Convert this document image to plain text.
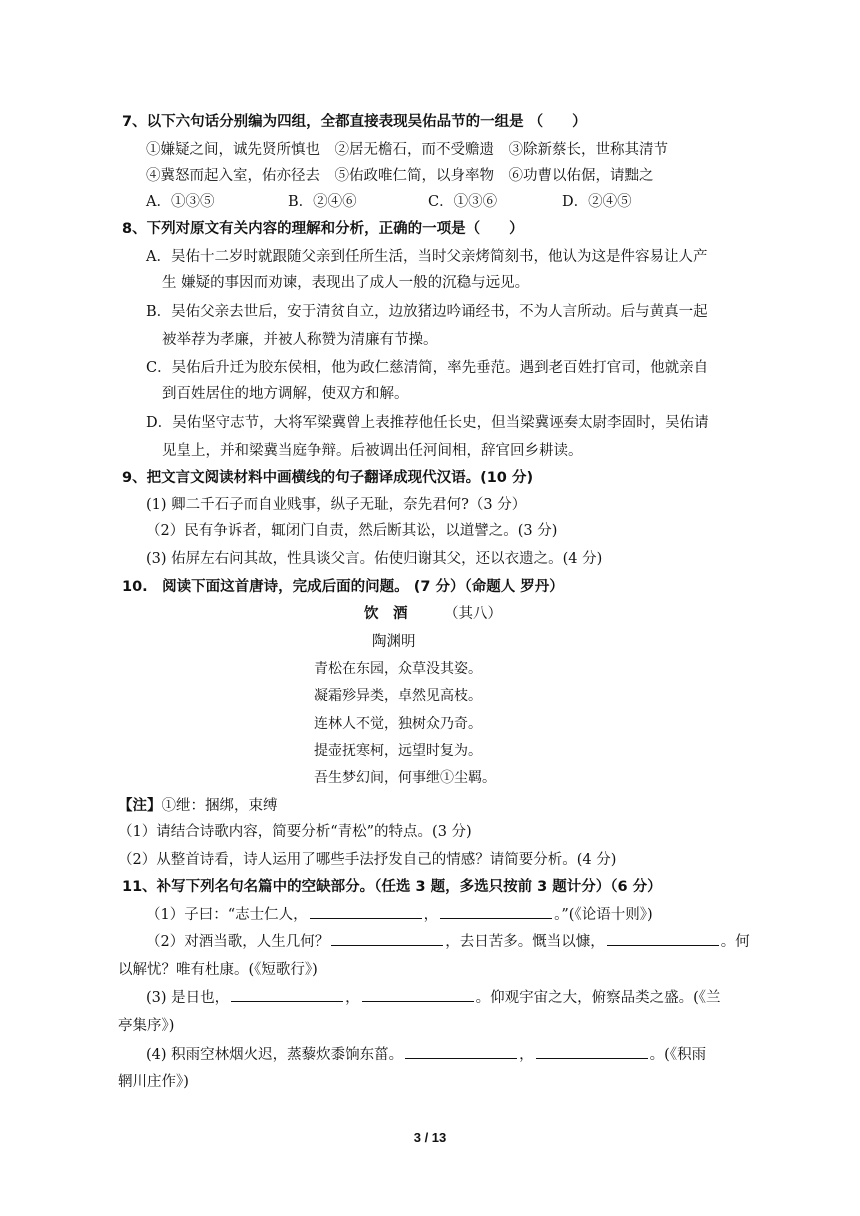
7、以下六句话分别编为四组，全都直接表现吴佑品节的一组是 （　　）
①嫌疑之间，诚先贤所慎也　②居无檐石，而不受赡遗　③除新蔡长，世称其清节
④冀怒而起入室，佑亦径去　⑤佑政唯仁简，以身率物　⑥功曹以佑倨，请黜之
A．①③⑤	B．②④⑥	C．①③⑥	D．②④⑤
8、下列对原文有关内容的理解和分析，正确的一项是（　　）
A．吴佑十二岁时就跟随父亲到任所生活，当时父亲烤简刻书，他认为这是件容易让人产
生 嫌疑的事因而劝谏，表现出了成人一般的沉稳与远见。
B．吴佑父亲去世后，安于清贫自立，边放猪边吟诵经书，不为人言所动。后与黄真一起
被举荐为孝廉，并被人称赞为清廉有节操。
C．吴佑后升迁为胶东侯相，他为政仁慈清简，率先垂范。遇到老百姓打官司，他就亲自
到百姓居住的地方调解，使双方和解。
D．吴佑坚守志节，大将军梁冀曾上表推荐他任长史，但当梁冀诬奏太尉李固时，吴佑请
见皇上，并和梁冀当庭争辩。后被调出任河间相，辞官回乡耕读。
9、把文言文阅读材料中画横线的句子翻译成现代汉语。(10 分)
(1) 卿二千石子而自业贱事，纵子无耻，奈先君何?（3 分）
（2）民有争诉者，辄闭门自责，然后断其讼，以道譬之。(3 分)
(3) 佑屏左右问其故，性具谈父言。佑使归谢其父，还以衣遗之。(4 分)
10.　阅读下面这首唐诗，完成后面的问题。 (7 分）（命题人 罗丹）
饮　酒	（其八）
陶渊明
青松在东园，众草没其姿。
凝霜殄异类，卓然见高枝。
连林人不觉，独树众乃奇。
提壶抚寒柯，远望时复为。
吾生梦幻间，何事绁①尘羁。
【注】①绁：捆绑，束缚
（1）请结合诗歌内容，简要分析“青松”的特点。(3 分)
（2）从整首诗看，诗人运用了哪些手法抒发自己的情感？请简要分析。(4 分)
11、补写下列名句名篇中的空缺部分。（任选 3 题，多选只按前 3 题计分）（6 分）
（1）子曰：“志士仁人，	，	。”(《论语十则》)
（2）对酒当歌，人生几何？	，去日苦多。慨当以慷，	。何
以解忧？唯有杜康。(《短歌行》)
(3) 是日也，	，	。仰观宇宙之大，俯察品类之盛。(《兰
亭集序》)
(4) 积雨空林烟火迟，蒸藜炊黍饷东菑。	，	。(《积雨
辋川庄作》)
3 / 13
